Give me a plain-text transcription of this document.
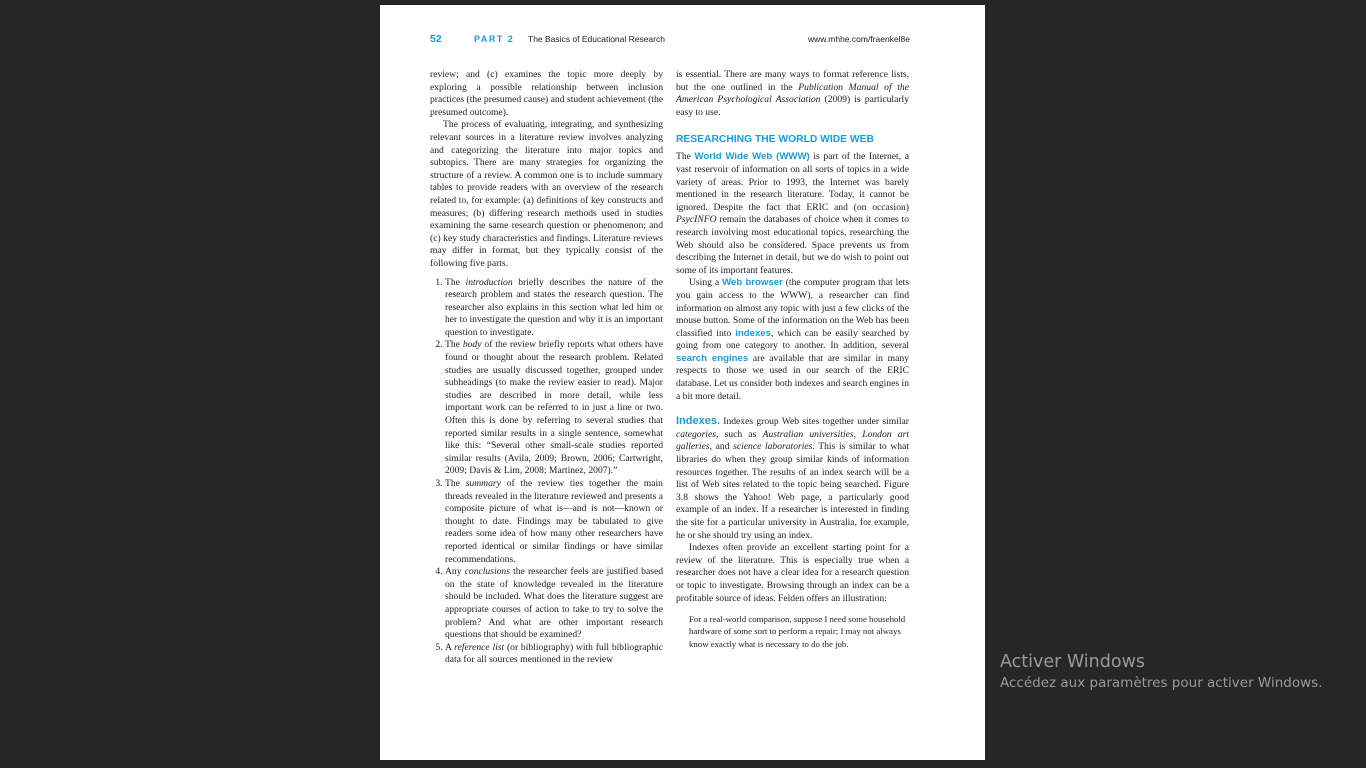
52	PART 2 The Basics of Educational Research	www.mhhe.com/fraenkel8e

review; and (c) examines the topic more deeply by exploring a possible relationship between inclusion practices (the presumed cause) and student achievement (the presumed outcome).

The process of evaluating, integrating, and synthesizing relevant sources in a literature review involves analyzing and categorizing the literature into major topics and subtopics. There are many strategies for organizing the structure of a review. A common one is to include summary tables to provide readers with an overview of the research related to, for example: (a) definitions of key constructs and measures; (b) differing research methods used in studies examining the same research question or phenomenon; and (c) key study characteristics and findings. Literature reviews may differ in format, but they typically consist of the following five parts.

1. The introduction briefly describes the nature of the research problem and states the research question. The researcher also explains in this section what led him or her to investigate the question and why it is an important question to investigate.
2. The body of the review briefly reports what others have found or thought about the research problem. Related studies are usually discussed together, grouped under subheadings (to make the review easier to read). Major studies are described in more detail, while less important work can be referred to in just a line or two. Often this is done by referring to several studies that reported similar results in a single sentence, somewhat like this: “Several other small-scale studies reported similar results (Avila, 2009; Brown, 2006; Cartwright, 2009; Davis & Lim, 2008; Martinez, 2007).”
3. The summary of the review ties together the main threads revealed in the literature reviewed and presents a composite picture of what is—and is not—known or thought to date. Findings may be tabulated to give readers some idea of how many other researchers have reported identical or similar findings or have similar recommendations.
4. Any conclusions the researcher feels are justified based on the state of knowledge revealed in the literature should be included. What does the literature suggest are appropriate courses of action to take to try to solve the problem? And what are other important research questions that should be examined?
5. A reference list (or bibliography) with full bibliographic data for all sources mentioned in the review

is essential. There are many ways to format reference lists, but the one outlined in the Publication Manual of the American Psychological Association (2009) is particularly easy to use.

RESEARCHING THE WORLD WIDE WEB

The World Wide Web (WWW) is part of the Internet, a vast reservoir of information on all sorts of topics in a wide variety of areas. Prior to 1993, the Internet was barely mentioned in the research literature. Today, it cannot be ignored. Despite the fact that ERIC and (on occasion) PsycINFO remain the databases of choice when it comes to research involving most educational topics, researching the Web should also be considered. Space prevents us from describing the Internet in detail, but we do wish to point out some of its important features.

Using a Web browser (the computer program that lets you gain access to the WWW), a researcher can find information on almost any topic with just a few clicks of the mouse button. Some of the information on the Web has been classified into indexes, which can be easily searched by going from one category to another. In addition, several search engines are available that are similar in many respects to those we used in our search of the ERIC database. Let us consider both indexes and search engines in a bit more detail.

Indexes. Indexes group Web sites together under similar categories, such as Australian universities, London art galleries, and science laboratories. This is similar to what libraries do when they group similar kinds of information resources together. The results of an index search will be a list of Web sites related to the topic being searched. Figure 3.8 shows the Yahoo! Web page, a particularly good example of an index. If a researcher is interested in finding the site for a particular university in Australia, for example, he or she should try using an index.

Indexes often provide an excellent starting point for a review of the literature. This is especially true when a researcher does not have a clear idea for a research question or topic to investigate. Browsing through an index can be a profitable source of ideas. Felden offers an illustration:

For a real-world comparison, suppose I need some household hardware of some sort to perform a repair; I may not always know exactly what is necessary to do the job.
Activer Windows
Accédez aux paramètres pour activer Windows.
